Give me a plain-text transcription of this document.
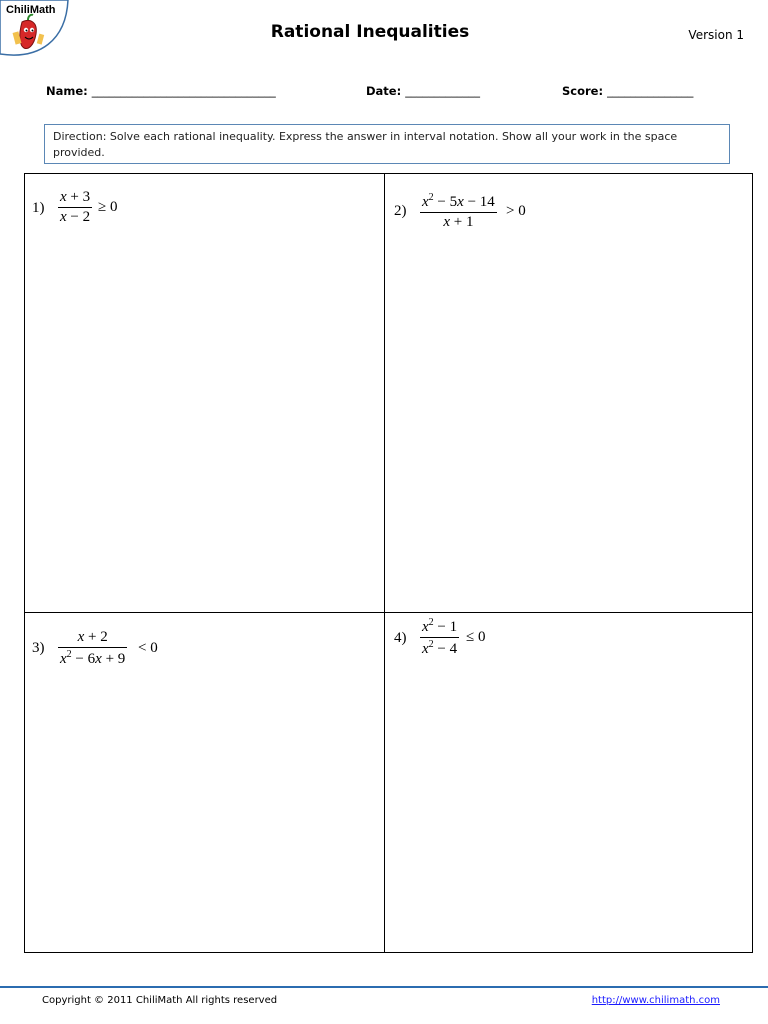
ChiliMath
Rational Inequalities	Version 1
Name: ________________________________	Date: _____________	Score: _______________
Direction: Solve each rational inequality. Express the answer in interval notation. Show all your work in the space provided.
1)
x + 3
x − 2
≥ 0	2)
$x^2 - 5x - 14$
x + 1
> 0
3)
x + 2
$x^2 - 6x + 9$
< 0
4)
$x^2 - 1$
$x^2 - 4$
≤ 0
Copyright © 2011 ChiliMath All rights reserved	http://www.chilimath.com
